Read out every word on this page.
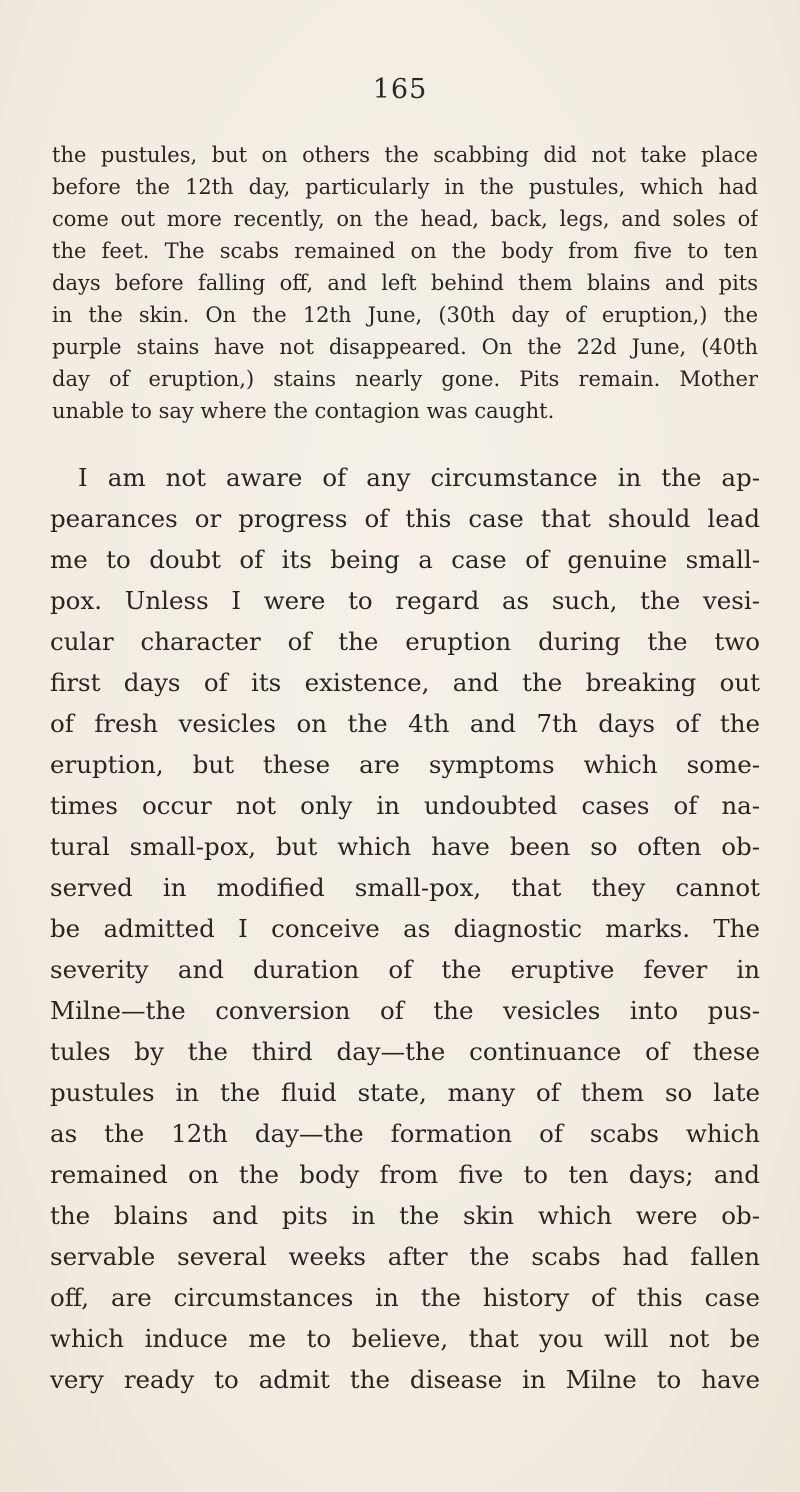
165
the pustules, but on others the scabbing did not take place
before the 12th day, particularly in the pustules, which had
come out more recently, on the head, back, legs, and soles of
the feet. The scabs remained on the body from five to ten
days before falling off, and left behind them blains and pits
in the skin. On the 12th June, (30th day of eruption,) the
purple stains have not disappeared. On the 22d June, (40th
day of eruption,) stains nearly gone. Pits remain. Mother
unable to say where the contagion was caught.
I am not aware of any circumstance in the ap-
pearances or progress of this case that should lead
me to doubt of its being a case of genuine small-
pox. Unless I were to regard as such, the vesi-
cular character of the eruption during the two
first days of its existence, and the breaking out
of fresh vesicles on the 4th and 7th days of the
eruption, but these are symptoms which some-
times occur not only in undoubted cases of na-
tural small-pox, but which have been so often ob-
served in modified small-pox, that they cannot
be admitted I conceive as diagnostic marks. The
severity and duration of the eruptive fever in
Milne—the conversion of the vesicles into pus-
tules by the third day—the continuance of these
pustules in the fluid state, many of them so late
as the 12th day—the formation of scabs which
remained on the body from five to ten days; and
the blains and pits in the skin which were ob-
servable several weeks after the scabs had fallen
off, are circumstances in the history of this case
which induce me to believe, that you will not be
very ready to admit the disease in Milne to have
